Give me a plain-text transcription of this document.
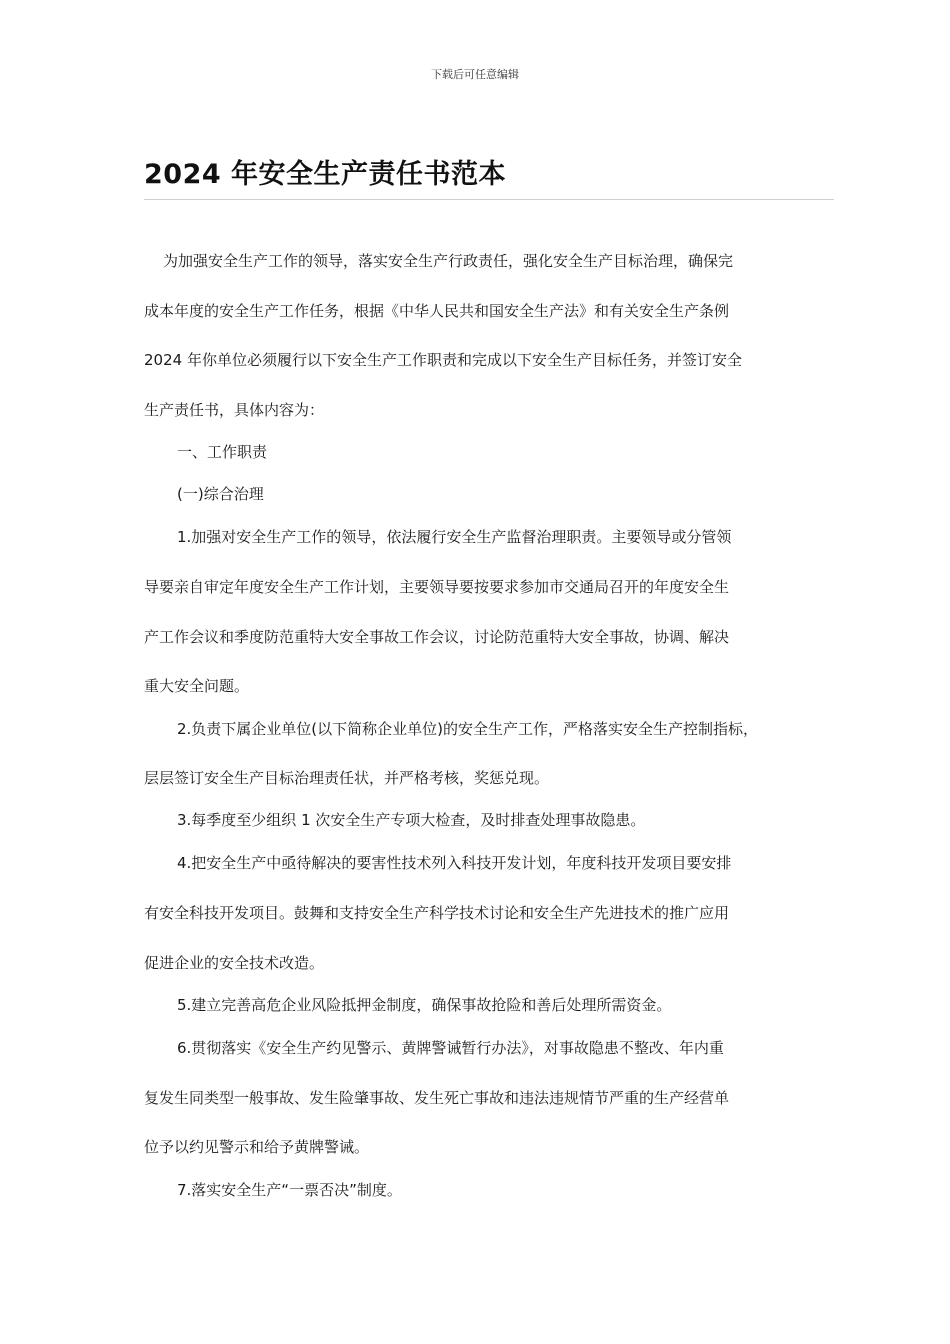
下载后可任意编辑
2024 年安全生产责任书范本

为加强安全生产工作的领导，落实安全生产行政责任，强化安全生产目标治理，确保完

成本年度的安全生产工作任务，根据《中华人民共和国安全生产法》和有关安全生产条例

2024 年你单位必须履行以下安全生产工作职责和完成以下安全生产目标任务，并签订安全

生产责任书，具体内容为：

一、工作职责

(一)综合治理

1.加强对安全生产工作的领导，依法履行安全生产监督治理职责。主要领导或分管领

导要亲自审定年度安全生产工作计划，主要领导要按要求参加市交通局召开的年度安全生

产工作会议和季度防范重特大安全事故工作会议，讨论防范重特大安全事故，协调、解决

重大安全问题。

2.负责下属企业单位(以下简称企业单位)的安全生产工作，严格落实安全生产控制指标，

层层签订安全生产目标治理责任状，并严格考核，奖惩兑现。

3.每季度至少组织 1 次安全生产专项大检查，及时排查处理事故隐患。

4.把安全生产中亟待解决的要害性技术列入科技开发计划，年度科技开发项目要安排

有安全科技开发项目。鼓舞和支持安全生产科学技术讨论和安全生产先进技术的推广应用

促进企业的安全技术改造。

5.建立完善高危企业风险抵押金制度，确保事故抢险和善后处理所需资金。

6.贯彻落实《安全生产约见警示、黄牌警诫暂行办法》，对事故隐患不整改、年内重

复发生同类型一般事故、发生险肇事故、发生死亡事故和违法违规情节严重的生产经营单

位予以约见警示和给予黄牌警诫。

7.落实安全生产“一票否决”制度。
